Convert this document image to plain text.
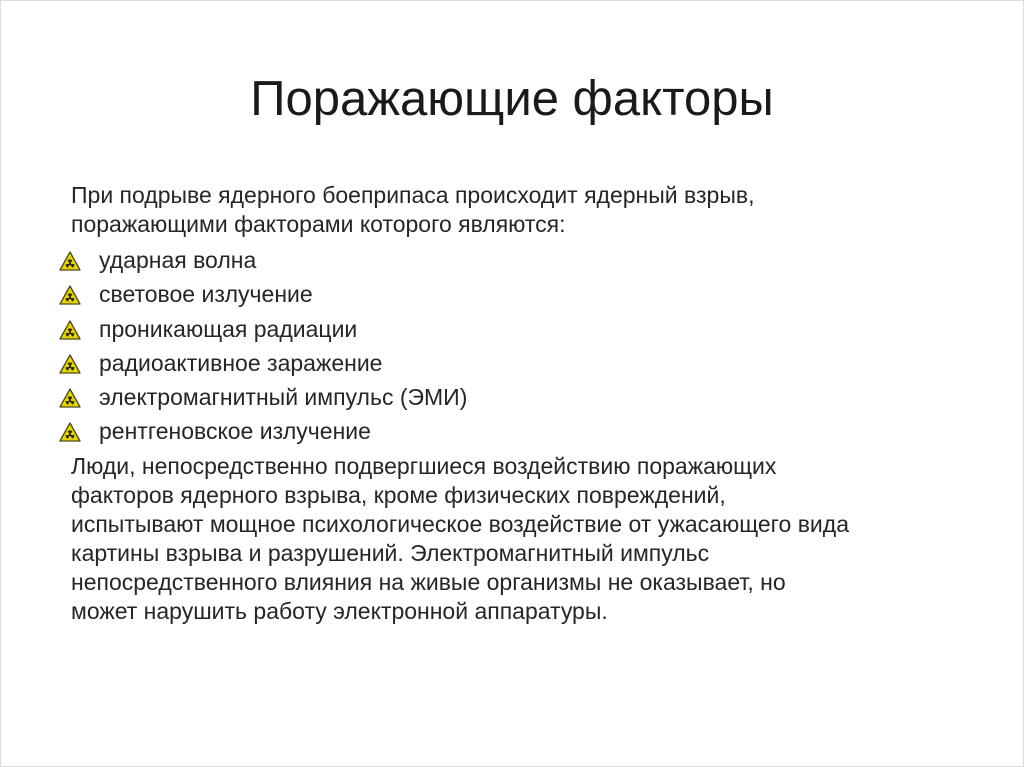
Поражающие факторы
При подрыве ядерного боеприпаса происходит ядерный взрыв,
поражающими факторами которого являются:
ударная волна
световое излучение
проникающая радиации
радиоактивное заражение
электромагнитный импульс (ЭМИ)
рентгеновское излучение
Люди, непосредственно подвергшиеся воздействию поражающих
факторов ядерного взрыва, кроме физических повреждений,
испытывают мощное психологическое воздействие от ужасающего вида
картины взрыва и разрушений. Электромагнитный импульс
непосредственного влияния на живые организмы не оказывает, но
может нарушить работу электронной аппаратуры.
